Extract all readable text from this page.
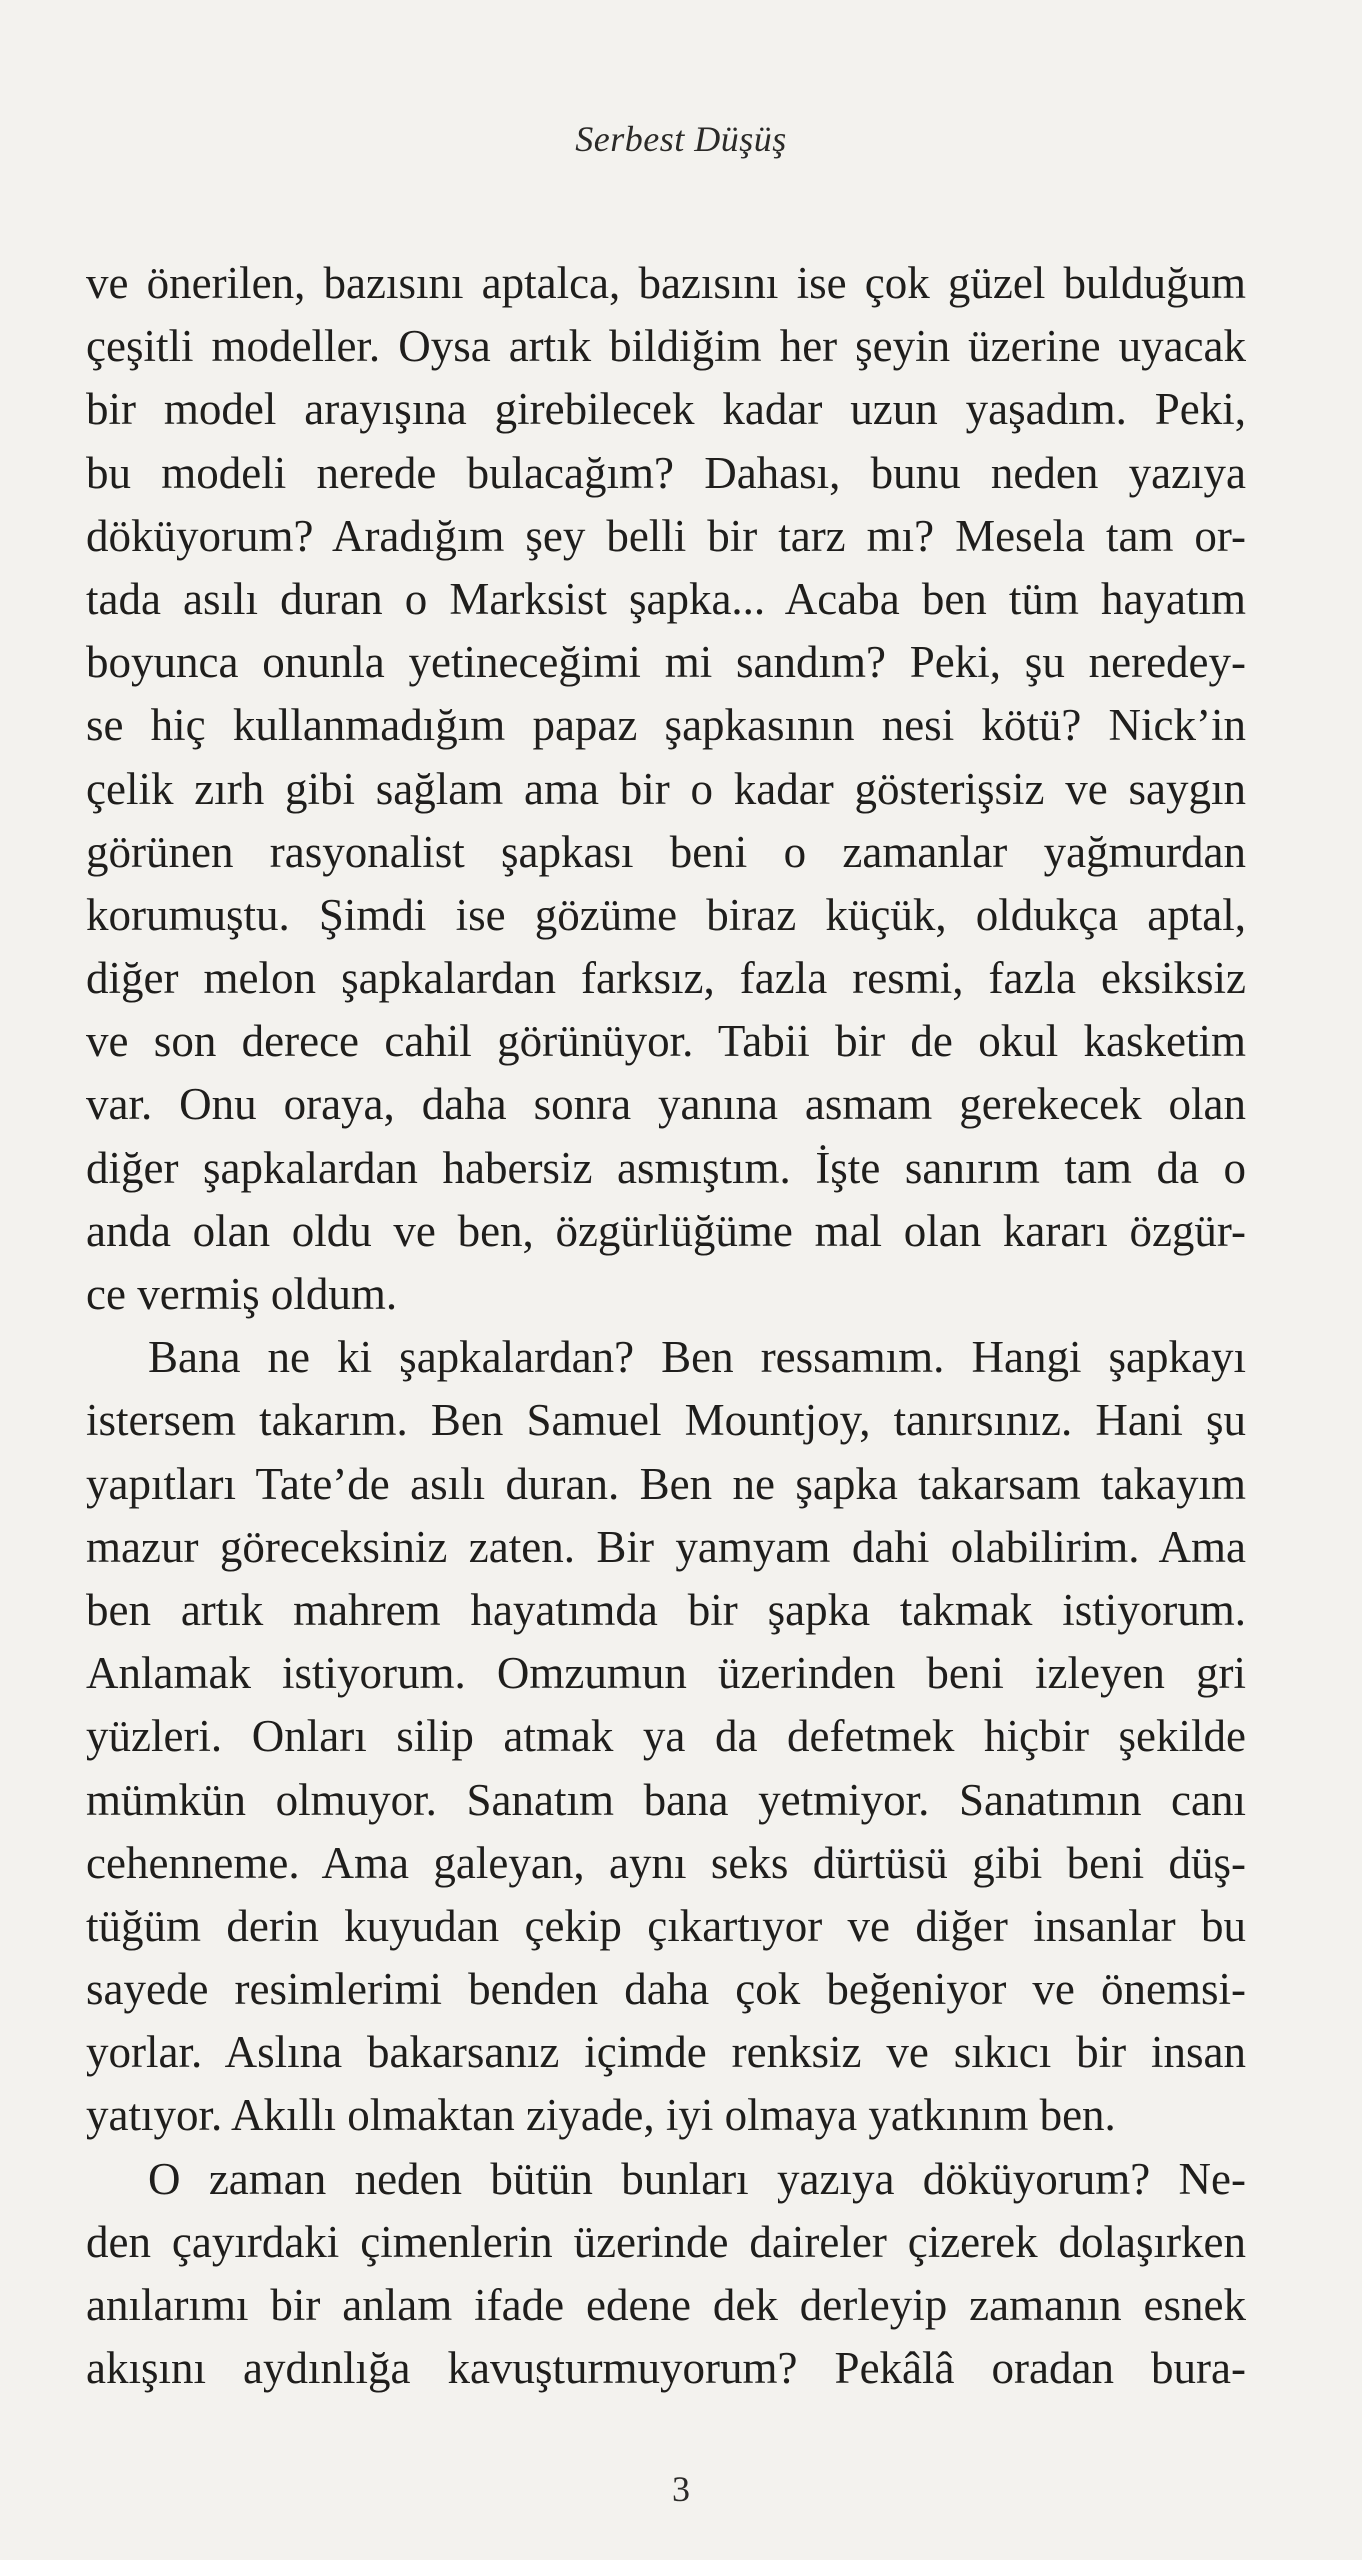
Serbest Düşüş
ve önerilen, bazısını aptalca, bazısını ise çok güzel bulduğum
çeşitli modeller. Oysa artık bildiğim her şeyin üzerine uyacak
bir model arayışına girebilecek kadar uzun yaşadım. Peki,
bu modeli nerede bulacağım? Dahası, bunu neden yazıya
döküyorum? Aradığım şey belli bir tarz mı? Mesela tam or-
tada asılı duran o Marksist şapka... Acaba ben tüm hayatım
boyunca onunla yetineceğimi mi sandım? Peki, şu neredey-
se hiç kullanmadığım papaz şapkasının nesi kötü? Nick’in
çelik zırh gibi sağlam ama bir o kadar gösterişsiz ve saygın
görünen rasyonalist şapkası beni o zamanlar yağmurdan
korumuştu. Şimdi ise gözüme biraz küçük, oldukça aptal,
diğer melon şapkalardan farksız, fazla resmi, fazla eksiksiz
ve son derece cahil görünüyor. Tabii bir de okul kasketim
var. Onu oraya, daha sonra yanına asmam gerekecek olan
diğer şapkalardan habersiz asmıştım. İşte sanırım tam da o
anda olan oldu ve ben, özgürlüğüme mal olan kararı özgür-
ce vermiş oldum.
Bana ne ki şapkalardan? Ben ressamım. Hangi şapkayı
istersem takarım. Ben Samuel Mountjoy, tanırsınız. Hani şu
yapıtları Tate’de asılı duran. Ben ne şapka takarsam takayım
mazur göreceksiniz zaten. Bir yamyam dahi olabilirim. Ama
ben artık mahrem hayatımda bir şapka takmak istiyorum.
Anlamak istiyorum. Omzumun üzerinden beni izleyen gri
yüzleri. Onları silip atmak ya da defetmek hiçbir şekilde
mümkün olmuyor. Sanatım bana yetmiyor. Sanatımın canı
cehenneme. Ama galeyan, aynı seks dürtüsü gibi beni düş-
tüğüm derin kuyudan çekip çıkartıyor ve diğer insanlar bu
sayede resimlerimi benden daha çok beğeniyor ve önemsi-
yorlar. Aslına bakarsanız içimde renksiz ve sıkıcı bir insan
yatıyor. Akıllı olmaktan ziyade, iyi olmaya yatkınım ben.
O zaman neden bütün bunları yazıya döküyorum? Ne-
den çayırdaki çimenlerin üzerinde daireler çizerek dolaşırken
anılarımı bir anlam ifade edene dek derleyip zamanın esnek
akışını aydınlığa kavuşturmuyorum? Pekâlâ oradan bura-
3
